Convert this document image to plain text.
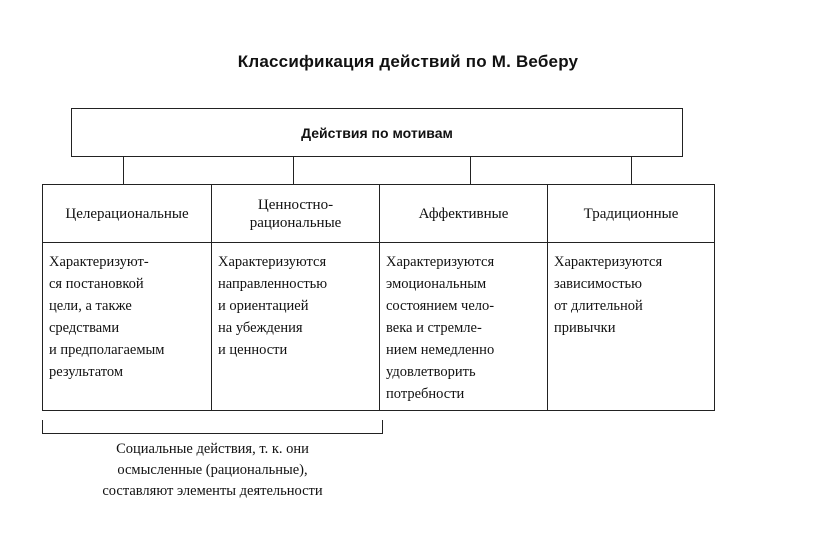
Классификация действий по М. Веберу
Действия по мотивам
Целерациональные
Характеризуют-
ся постановкой
цели, а также
средствами
и предполагаемым
результатом
Ценностно-
рациональные
Характеризуются
направленностью
и ориентацией
на убеждения
и ценности
Аффективные
Характеризуются
эмоциональным
состоянием чело-
века и стремле-
нием немедленно
удовлетворить
потребности
Традиционные
Характеризуются
зависимостью
от длительной
привычки
Социальные действия, т. к. они
осмысленные (рациональные),
составляют элементы деятельности
